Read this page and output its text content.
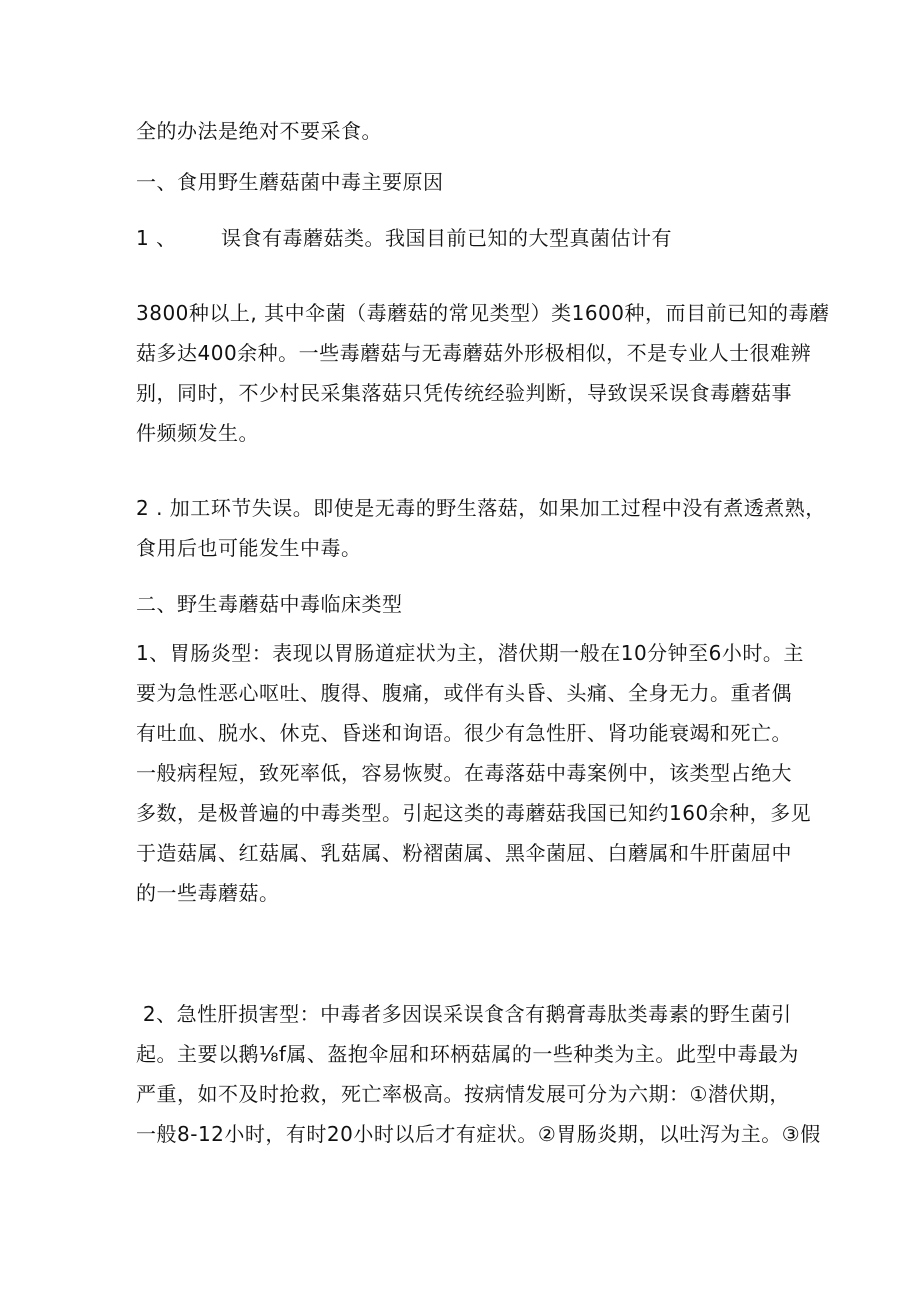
全的办法是绝对不要采食。
一、食用野生蘑菇菌中毒主要原因
1 、 误食有毒蘑菇类。我国目前已知的大型真菌估计有
3800种以上, 其中伞菌（毒蘑菇的常见类型）类1600种，而目前已知的毒蘑
菇多达400余种。一些毒蘑菇与无毒蘑菇外形极相似，不是专业人士很难辨
别，同时，不少村民采集落菇只凭传统经验判断，导致误采误食毒蘑菇事
件频频发生。
2 . 加工环节失误。即使是无毒的野生落菇，如果加工过程中没有煮透煮熟，
食用后也可能发生中毒。
二、野生毒蘑菇中毒临床类型
1、胃肠炎型：表现以胃肠道症状为主，潜伏期一般在10分钟至6小时。主
要为急性恶心呕吐、腹得、腹痛，或伴有头昏、头痛、全身无力。重者偶
有吐血、脱水、休克、昏迷和询语。很少有急性肝、肾功能衰竭和死亡。
一般病程短，致死率低，容易恢熨。在毒落菇中毒案例中，该类型占绝大
多数，是极普遍的中毒类型。引起这类的毒蘑菇我国已知约160余种，多见
于造菇属、红菇属、乳菇属、粉褶菌属、黑伞菌屈、白蘑属和牛肝菌屈中
的一些毒蘑菇。
2、急性肝损害型：中毒者多因误采误食含有鹅膏毒肽类毒素的野生菌引
起。主要以鹅⅛f属、盔抱伞屈和环柄菇属的一些种类为主。此型中毒最为
严重，如不及时抢救，死亡率极高。按病情发展可分为六期：①潜伏期，
一般8-12小时，有时20小时以后才有症状。②胃肠炎期，以吐泻为主。③假
